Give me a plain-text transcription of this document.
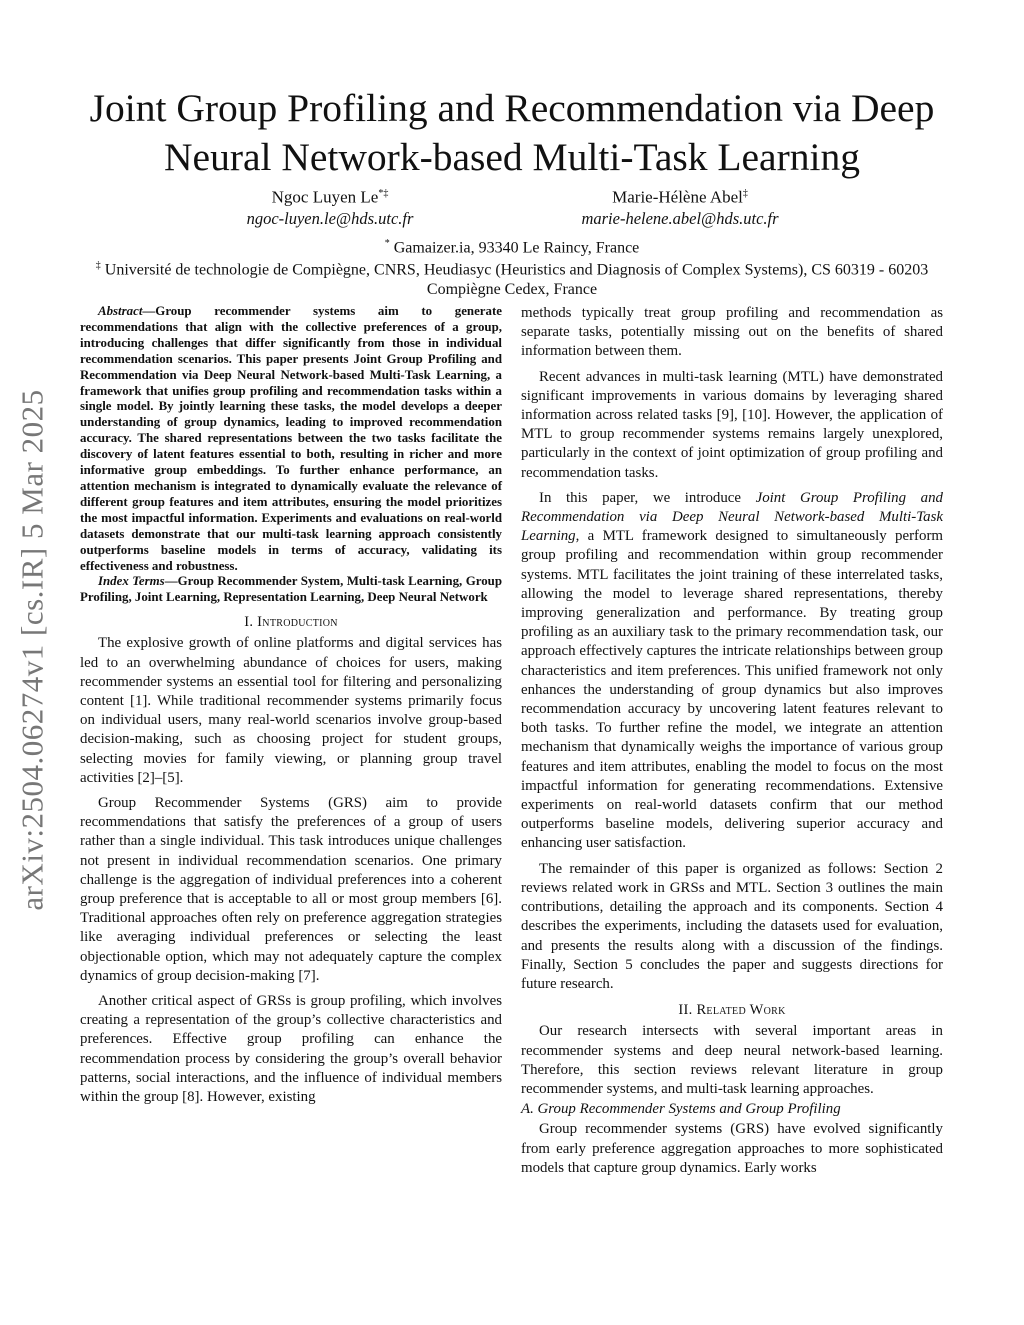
arXiv:2504.06274v1 [cs.IR] 5 Mar 2025
Joint Group Profiling and Recommendation via Deep Neural Network-based Multi-Task Learning
Ngoc Luyen Le*‡
ngoc-luyen.le@hds.utc.fr
Marie-Hélène Abel‡
marie-helene.abel@hds.utc.fr
* Gamaizer.ia, 93340 Le Raincy, France
‡ Université de technologie de Compiègne, CNRS, Heudiasyc (Heuristics and Diagnosis of Complex Systems), CS 60319 - 60203 Compiègne Cedex, France

Abstract—Group recommender systems aim to generate recommendations that align with the collective preferences of a group, introducing challenges that differ significantly from those in individual recommendation scenarios. This paper presents Joint Group Profiling and Recommendation via Deep Neural Network-based Multi-Task Learning, a framework that unifies group profiling and recommendation tasks within a single model. By jointly learning these tasks, the model develops a deeper understanding of group dynamics, leading to improved recommendation accuracy. The shared representations between the two tasks facilitate the discovery of latent features essential to both, resulting in richer and more informative group embeddings. To further enhance performance, an attention mechanism is integrated to dynamically evaluate the relevance of different group features and item attributes, ensuring the model prioritizes the most impactful information. Experiments and evaluations on real-world datasets demonstrate that our multi-task learning approach consistently outperforms baseline models in terms of accuracy, validating its effectiveness and robustness.

Index Terms—Group Recommender System, Multi-task Learning, Group Profiling, Joint Learning, Representation Learning, Deep Neural Network

I. Introduction

The explosive growth of online platforms and digital services has led to an overwhelming abundance of choices for users, making recommender systems an essential tool for filtering and personalizing content [1]. While traditional recommender systems primarily focus on individual users, many real-world scenarios involve group-based decision-making, such as choosing project for student groups, selecting movies for family viewing, or planning group travel activities [2]–[5].

Group Recommender Systems (GRS) aim to provide recommendations that satisfy the preferences of a group of users rather than a single individual. This task introduces unique challenges not present in individual recommendation scenarios. One primary challenge is the aggregation of individual preferences into a coherent group preference that is acceptable to all or most group members [6]. Traditional approaches often rely on preference aggregation strategies like averaging individual preferences or selecting the least objectionable option, which may not adequately capture the complex dynamics of group decision-making [7].

Another critical aspect of GRSs is group profiling, which involves creating a representation of the group’s collective characteristics and preferences. Effective group profiling can enhance the recommendation process by considering the group’s overall behavior patterns, social interactions, and the influence of individual members within the group [8]. However, existing

methods typically treat group profiling and recommendation as separate tasks, potentially missing out on the benefits of shared information between them.

Recent advances in multi-task learning (MTL) have demonstrated significant improvements in various domains by leveraging shared information across related tasks [9], [10]. However, the application of MTL to group recommender systems remains largely unexplored, particularly in the context of joint optimization of group profiling and recommendation tasks.

In this paper, we introduce Joint Group Profiling and Recommendation via Deep Neural Network-based Multi-Task Learning, a MTL framework designed to simultaneously perform group profiling and recommendation within group recommender systems. MTL facilitates the joint training of these interrelated tasks, allowing the model to leverage shared representations, thereby improving generalization and performance. By treating group profiling as an auxiliary task to the primary recommendation task, our approach effectively captures the intricate relationships between group characteristics and item preferences. This unified framework not only enhances the understanding of group dynamics but also improves recommendation accuracy by uncovering latent features relevant to both tasks. To further refine the model, we integrate an attention mechanism that dynamically weighs the importance of various group features and item attributes, enabling the model to focus on the most impactful information for generating recommendations. Extensive experiments on real-world datasets confirm that our method outperforms baseline models, delivering superior accuracy and enhancing user satisfaction.

The remainder of this paper is organized as follows: Section 2 reviews related work in GRSs and MTL. Section 3 outlines the main contributions, detailing the approach and its components. Section 4 describes the experiments, including the datasets used for evaluation, and presents the results along with a discussion of the findings. Finally, Section 5 concludes the paper and suggests directions for future research.

II. Related Work

Our research intersects with several important areas in recommender systems and deep neural network-based learning. Therefore, this section reviews relevant literature in group recommender systems, and multi-task learning approaches.

A. Group Recommender Systems and Group Profiling

Group recommender systems (GRS) have evolved significantly from early preference aggregation approaches to more sophisticated models that capture group dynamics. Early works
